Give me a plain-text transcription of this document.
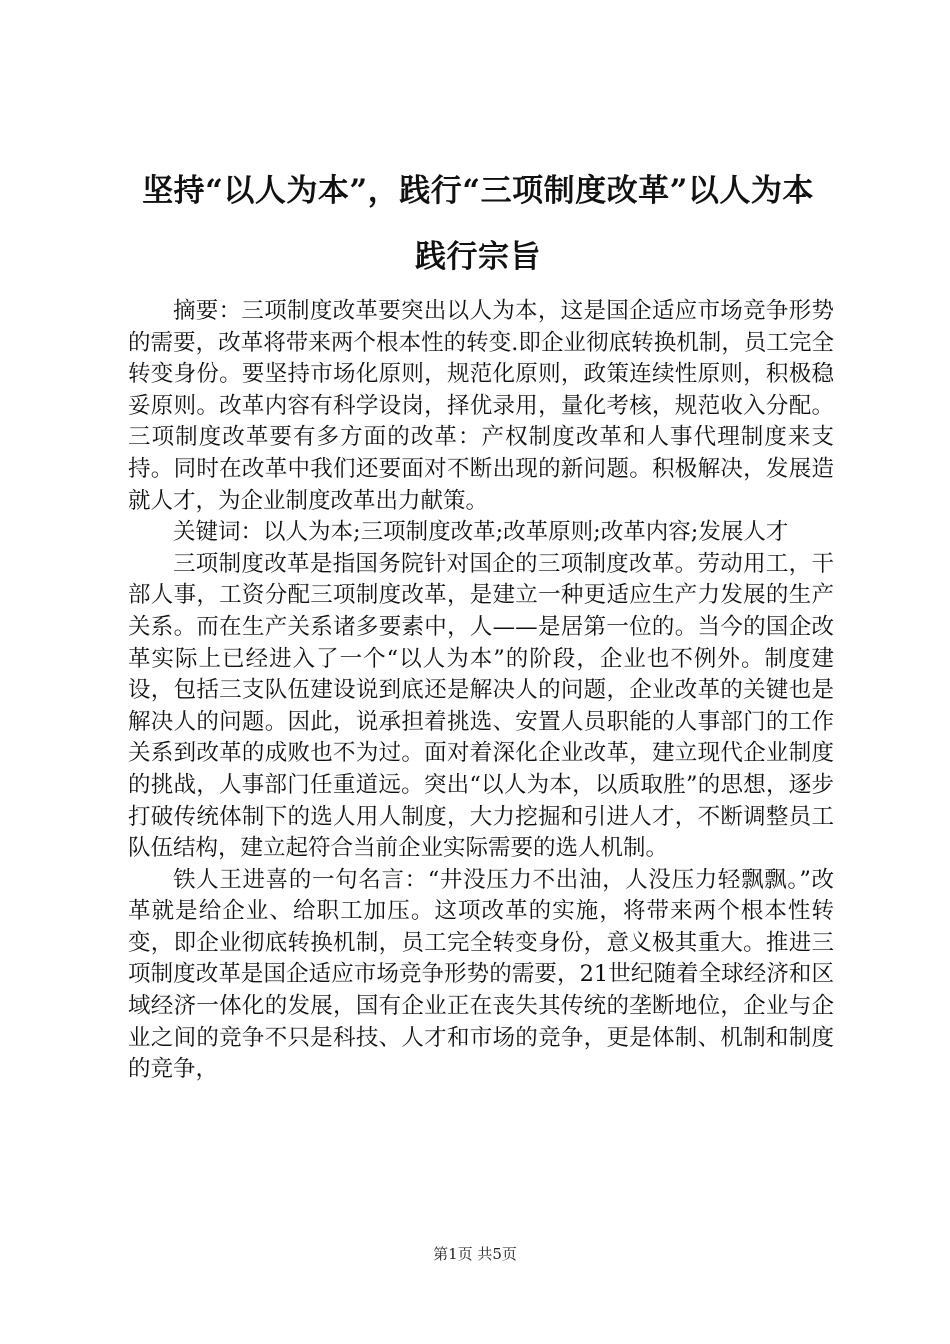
坚持“以人为本”，践行“三项制度改革”以人为本践行宗旨

摘要：三项制度改革要突出以人为本，这是国企适应市场竞争形势的需要，改革将带来两个根本性的转变.即企业彻底转换机制，员工完全转变身份。要坚持市场化原则，规范化原则，政策连续性原则，积极稳妥原则。改革内容有科学设岗，择优录用，量化考核，规范收入分配。三项制度改革要有多方面的改革：产权制度改革和人事代理制度来支持。同时在改革中我们还要面对不断出现的新问题。积极解决，发展造就人才，为企业制度改革出力献策。

关键词：以人为本;三项制度改革;改革原则;改革内容;发展人才

三项制度改革是指国务院针对国企的三项制度改革。劳动用工，干部人事，工资分配三项制度改革，是建立一种更适应生产力发展的生产关系。而在生产关系诸多要素中，人——是居第一位的。当今的国企改革实际上已经进入了一个“以人为本”的阶段，企业也不例外。制度建设，包括三支队伍建设说到底还是解决人的问题，企业改革的关键也是解决人的问题。因此，说承担着挑选、安置人员职能的人事部门的工作关系到改革的成败也不为过。面对着深化企业改革，建立现代企业制度的挑战，人事部门任重道远。突出“以人为本，以质取胜”的思想，逐步打破传统体制下的选人用人制度，大力挖掘和引进人才，不断调整员工队伍结构，建立起符合当前企业实际需要的选人机制。

铁人王进喜的一句名言：“井没压力不出油，人没压力轻飘飘。”改革就是给企业、给职工加压。这项改革的实施，将带来两个根本性转变，即企业彻底转换机制，员工完全转变身份，意义极其重大。推进三项制度改革是国企适应市场竞争形势的需要，21世纪随着全球经济和区域经济一体化的发展，国有企业正在丧失其传统的垄断地位，企业与企业之间的竞争不只是科技、人才和市场的竞争，更是体制、机制和制度的竞争，

第1页 共5页
